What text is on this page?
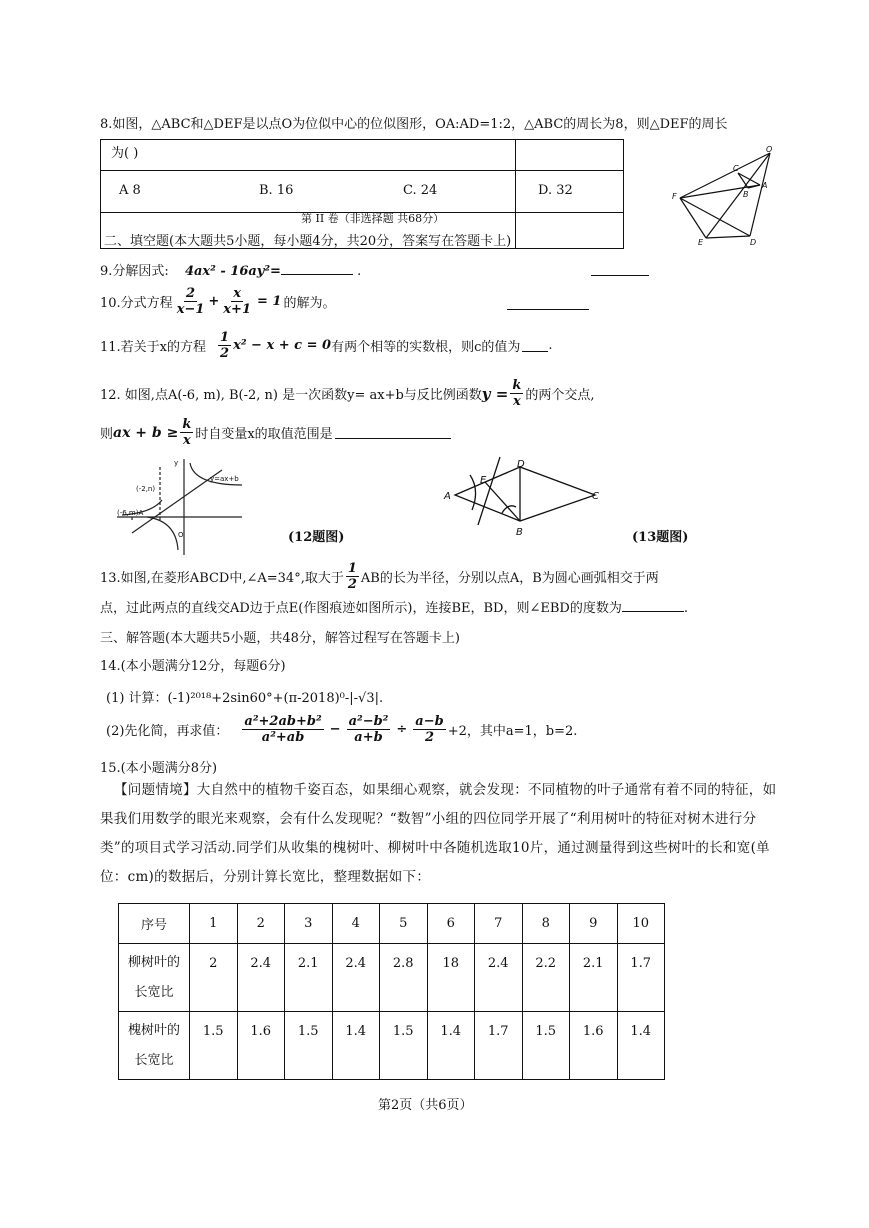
8.如图，△ABC和△DEF是以点O为位似中心的位似图形，OA:AD=1:2，△ABC的周长为8，则△DEF的周长
为( )
A 8	B. 16	C. 24	D. 32
第 II 卷（非选择题 共68分）
二、填空题(本大题共5小题，每小题4分，共20分，答案写在答题卡上)
O
C
A
B
F
E	D
9.分解因式: 4ax² - 16ay²=	.
10.分式方程 $\frac{2}{x-1} + \frac{x}{x+1} = 1$ 的解为。
11.若关于x的方程 $\frac{1}{2} x^2 - x + c = 0$ 有两个相等的实数根，则c的值为 .
12. 如图,点A(-6, m), B(-2, n) 是一次函数y= ax+b与反比例函数 $y = \frac{k}{x}$ 的两个交点,
则 ax + $b \ge \frac{k}{x}$ 时自变量x的取值范围是
y
y=ax+b
(-2,n)
(-6,m)A
O	(12题图)
A
D
E
C
B	(13题图)
13.如图,在菱形ABCD中,∠A=34°,取大于 $\frac{1}{2}$ AB的长为半径，分别以点A，B为圆心画弧相交于两
点，过此两点的直线交AD边于点E(作图痕迹如图所示)，连接BE，BD，则∠EBD的度数为	.
三、解答题(本大题共5小题，共48分，解答过程写在答题卡上)
14.(本小题满分12分，每题6分)
(1) 计算：(-1)²⁰¹⁸+2sin60°+(π-2018)⁰-|-√3|.
(2)先化简，再求值： $\frac{\text{a²+2ab+b²}}{\text{a²+ab}} - \frac{\text{a²−b²}}{a+b} \div \frac{a-b}{2} +2$，其中a=1，b=2.
15.(本小题满分8分)
【问题情境】大自然中的植物千姿百态，如果细心观察，就会发现：不同植物的叶子通常有着不同的特征，如果我们用数学的眼光来观察，会有什么发现呢？“数智”小组的四位同学开展了“利用树叶的特征对树木进行分类”的项目式学习活动.同学们从收集的槐树叶、柳树叶中各随机选取10片，通过测量得到这些树叶的长和宽(单位：cm)的数据后，分别计算长宽比，整理数据如下：
序号	1	2	3	4	5	6	7	8	9	10
柳树叶的
长宽比	2	2.4	2.1	2.4	2.8	18	2.4	2.2	2.1	1.7
槐树叶的
长宽比	1.5	1.6	1.5	1.4	1.5	1.4	1.7	1.5	1.6	1.4
第2页（共6页）
